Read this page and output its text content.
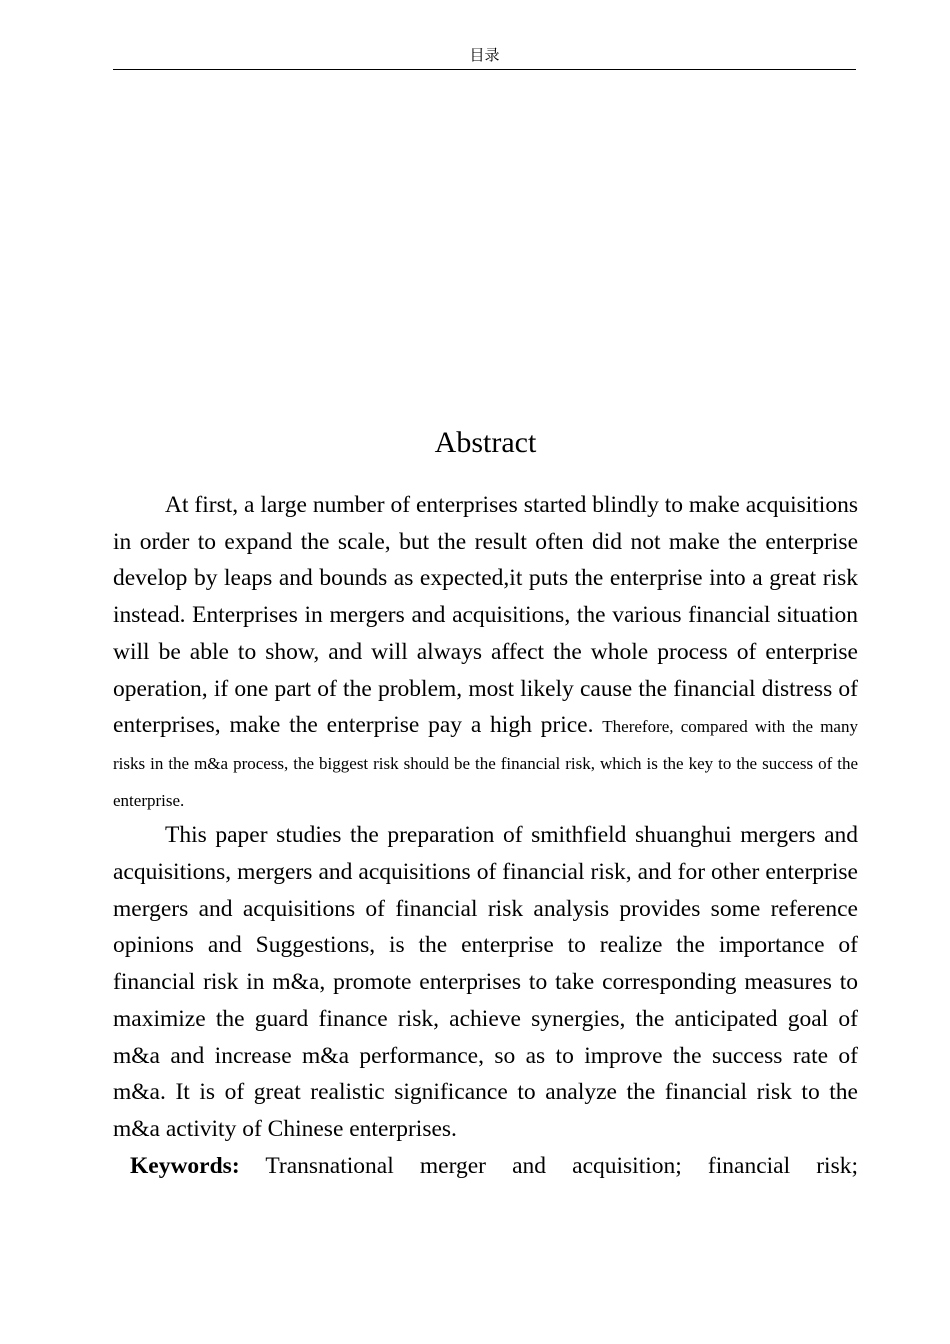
目录
Abstract

At first, a large number of enterprises started blindly to make acquisitions in order to expand the scale, but the result often did not make the enterprise develop by leaps and bounds as expected,it puts the enterprise into a great risk instead. Enterprises in mergers and acquisitions, the various financial situation will be able to show, and will always affect the whole process of enterprise operation, if one part of the problem, most likely cause the financial distress of enterprises, make the enterprise pay a high price. Therefore, compared with the many risks in the m&a process, the biggest risk should be the financial risk, which is the key to the success of the enterprise.

This paper studies the preparation of smithfield shuanghui mergers and acquisitions, mergers and acquisitions of financial risk, and for other enterprise mergers and acquisitions of financial risk analysis provides some reference opinions and Suggestions, is the enterprise to realize the importance of financial risk in m&a, promote enterprises to take corresponding measures to maximize the guard finance risk, achieve synergies, the anticipated goal of m&a and increase m&a performance, so as to improve the success rate of m&a. It is of great realistic significance to analyze the financial risk to the m&a activity of Chinese enterprises.

Keywords: Transnational merger and acquisition; financial risk;
